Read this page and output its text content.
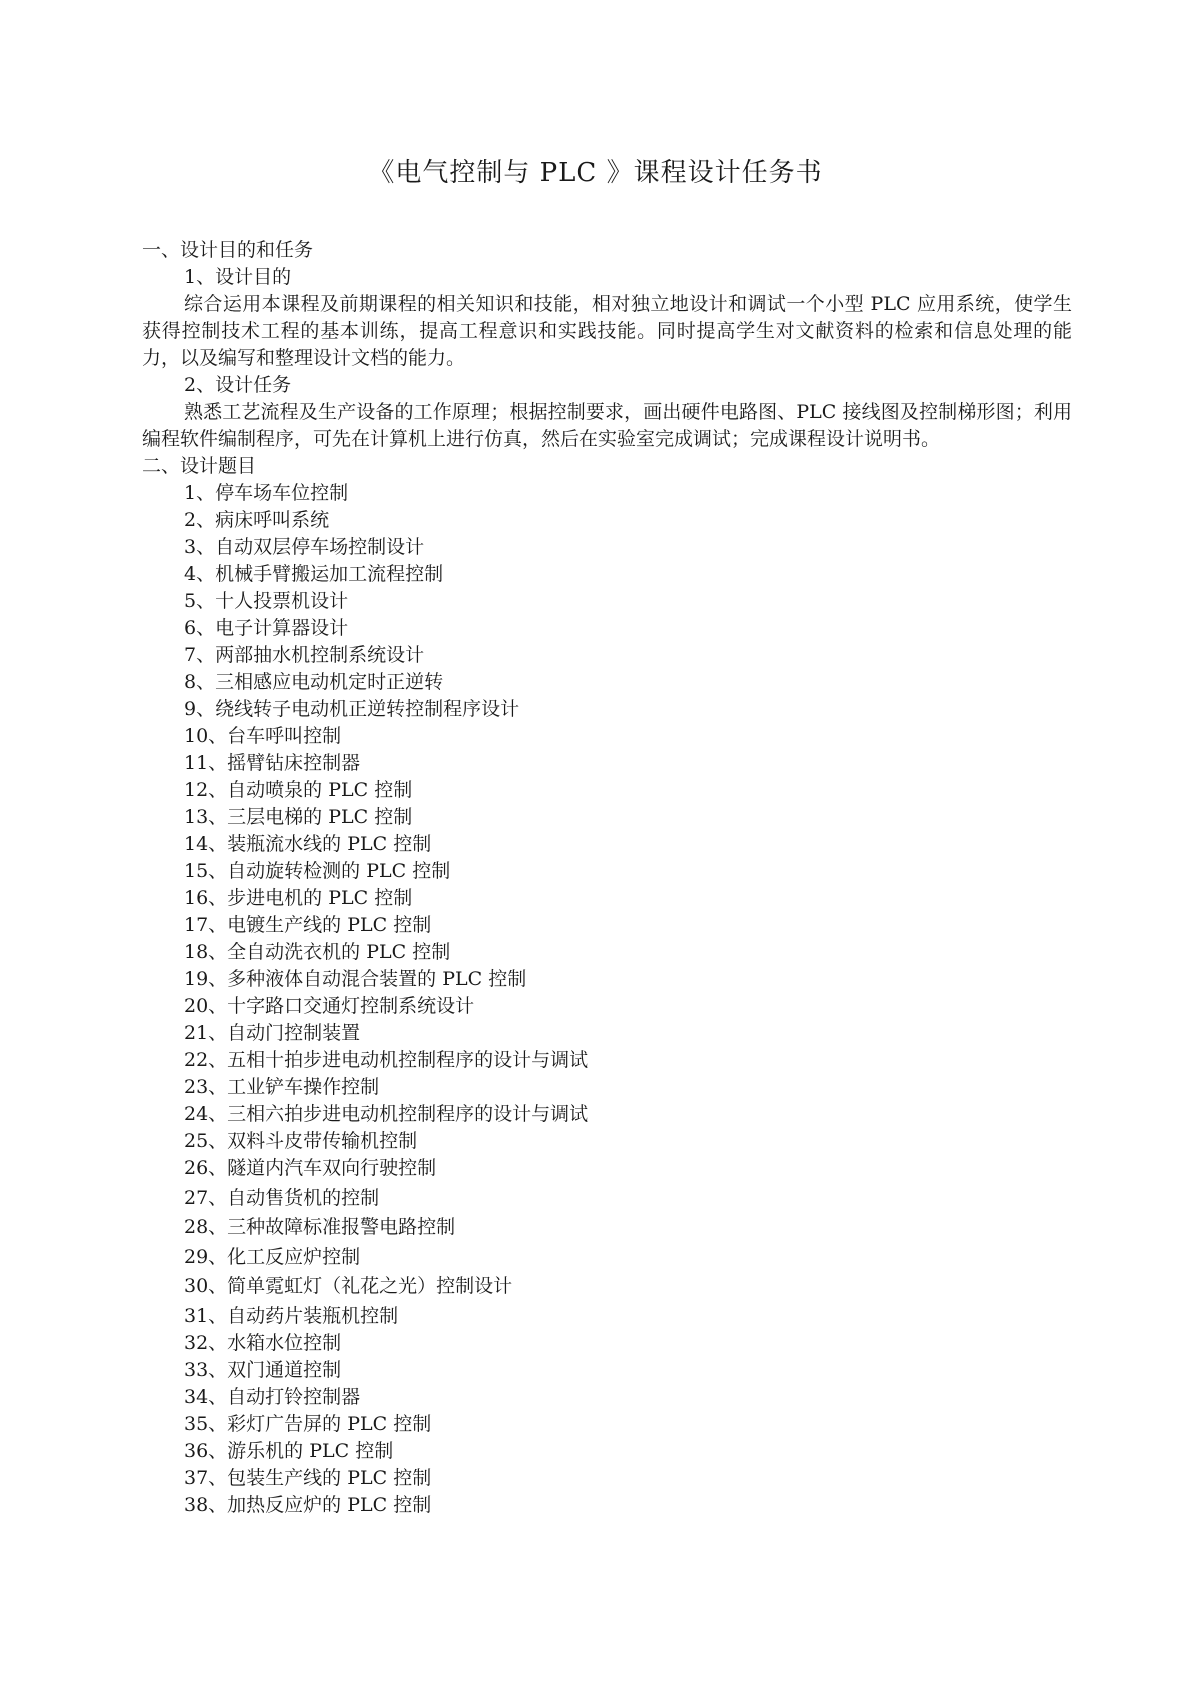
《电气控制与 PLC 》课程设计任务书

一、设计目的和任务

1、设计目的

综合运用本课程及前期课程的相关知识和技能，相对独立地设计和调试一个小型 PLC 应用系统，使学生获得控制技术工程的基本训练，提高工程意识和实践技能。同时提高学生对文献资料的检索和信息处理的能力，以及编写和整理设计文档的能力。

2、设计任务

熟悉工艺流程及生产设备的工作原理；根据控制要求，画出硬件电路图、PLC 接线图及控制梯形图；利用编程软件编制程序，可先在计算机上进行仿真，然后在实验室完成调试；完成课程设计说明书。

二、设计题目

1、停车场车位控制
2、病床呼叫系统
3、自动双层停车场控制设计
4、机械手臂搬运加工流程控制
5、十人投票机设计
6、电子计算器设计
7、两部抽水机控制系统设计
8、三相感应电动机定时正逆转
9、绕线转子电动机正逆转控制程序设计
10、台车呼叫控制
11、摇臂钻床控制器
12、自动喷泉的 PLC 控制
13、三层电梯的 PLC 控制
14、装瓶流水线的 PLC 控制
15、自动旋转检测的 PLC 控制
16、步进电机的 PLC 控制
17、电镀生产线的 PLC 控制
18、全自动洗衣机的 PLC 控制
19、多种液体自动混合装置的 PLC 控制
20、十字路口交通灯控制系统设计
21、自动门控制装置
22、五相十拍步进电动机控制程序的设计与调试
23、工业铲车操作控制
24、三相六拍步进电动机控制程序的设计与调试
25、双料斗皮带传输机控制
26、隧道内汽车双向行驶控制
27、自动售货机的控制
28、三种故障标准报警电路控制
29、化工反应炉控制
30、简单霓虹灯（礼花之光）控制设计
31、自动药片装瓶机控制
32、水箱水位控制
33、双门通道控制
34、自动打铃控制器
35、彩灯广告屏的 PLC 控制
36、游乐机的 PLC 控制
37、包装生产线的 PLC 控制
38、加热反应炉的 PLC 控制
